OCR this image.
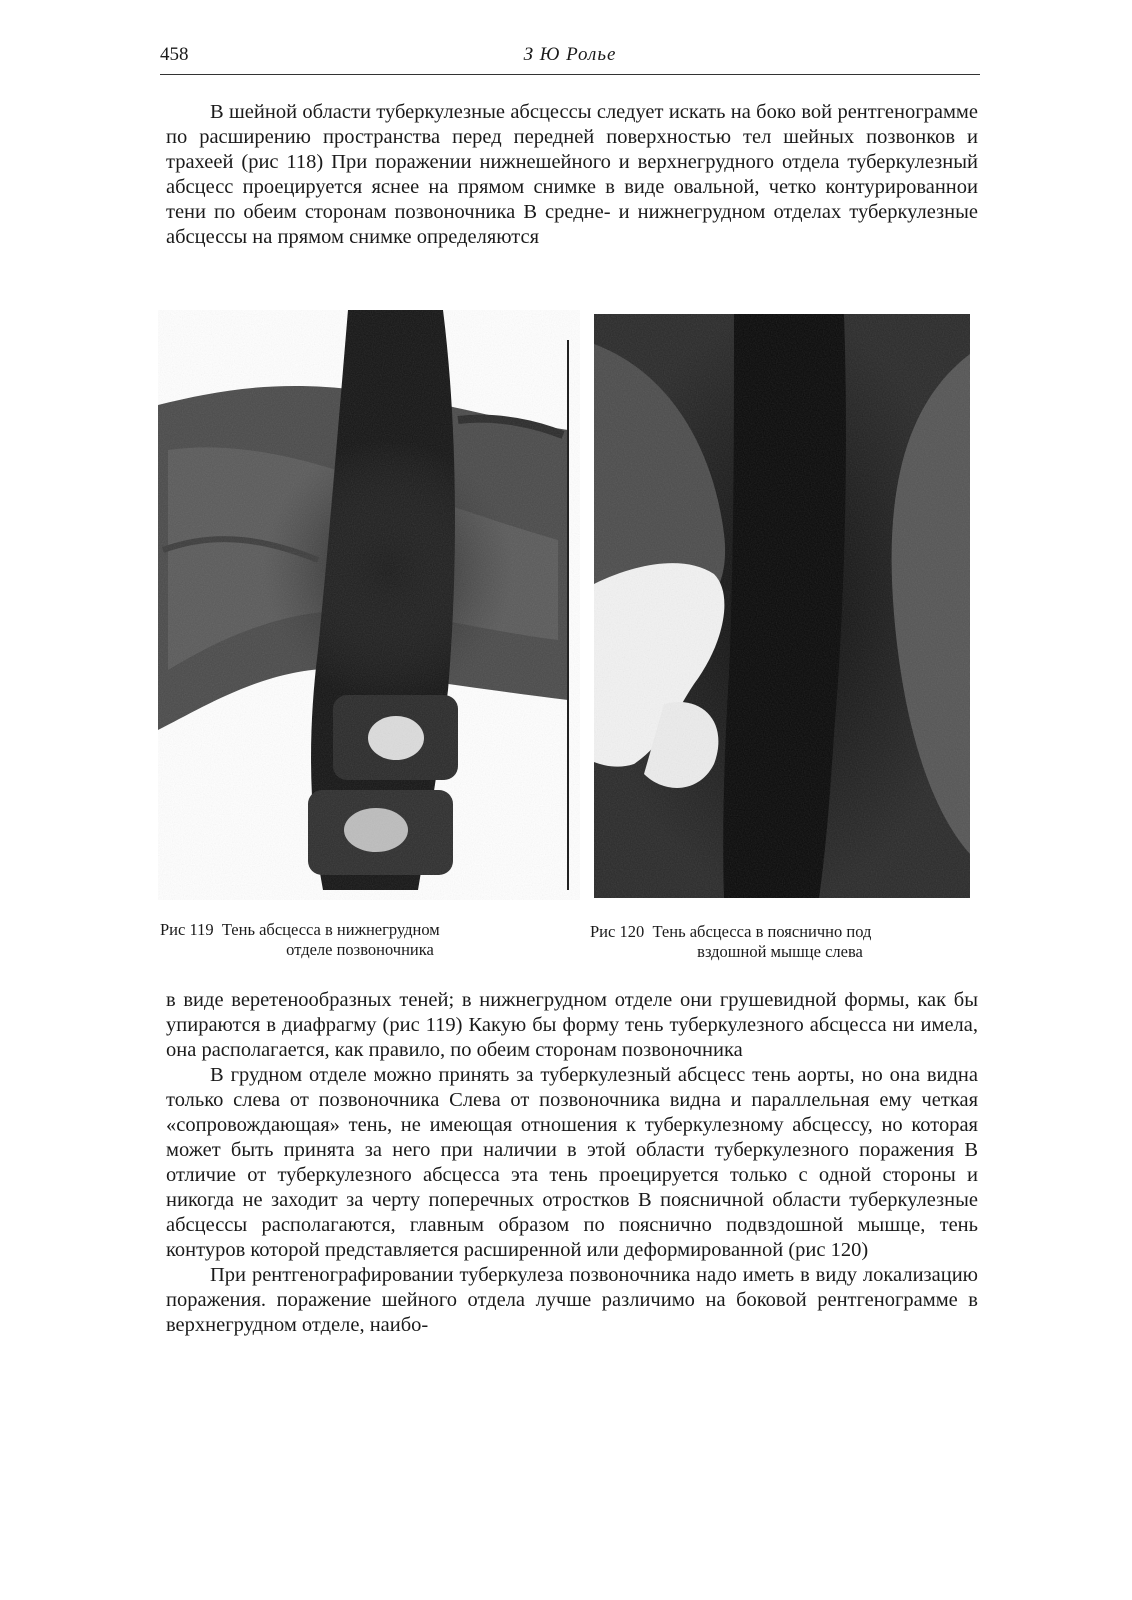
458	З Ю Ролье

В шейной области туберкулезные абсцессы следует искать на боко вой рентгенограмме по расширению пространства перед передней поверхностью тел шейных позвонков и трахеей (рис 118) При поражении нижнешейного и верхнегрудного отдела туберкулезный абсцесс проецируется яснее на прямом снимке в виде овальной, четко контурированнои тени по обеим сторонам позвоночника В средне- и нижнегрудном отделах туберкулезные абсцессы на прямом снимке определяются

Рис 119 Тень абсцесса в нижнегрудном
отделе позвоночника
Рис 120 Тень абсцесса в пояснично под
вздошной мышце слева

в виде веретенообразных теней; в нижнегрудном отделе они грушевидной формы, как бы упираются в диафрагму (рис 119) Какую бы форму тень туберкулезного абсцесса ни имела, она располагается, как правило, по обеим сторонам позвоночника

В грудном отделе можно принять за туберкулезный абсцесс тень аорты, но она видна только слева от позвоночника Слева от позвоночника видна и параллельная ему четкая «сопровождающая» тень, не имеющая отношения к туберкулезному абсцессу, но которая может быть принята за него при наличии в этой области туберкулезного поражения В отличие от туберкулезного абсцесса эта тень проецируется только с одной стороны и никогда не заходит за черту поперечных отростков В поясничной области туберкулезные абсцессы располагаются, главным образом по пояснично подвздошной мышце, тень контуров которой представляется расширенной или деформированной (рис 120)

При рентгенографировании туберкулеза позвоночника надо иметь в виду локализацию поражения. поражение шейного отдела лучше различимо на боковой рентгенограмме в верхнегрудном отделе, наибо-
